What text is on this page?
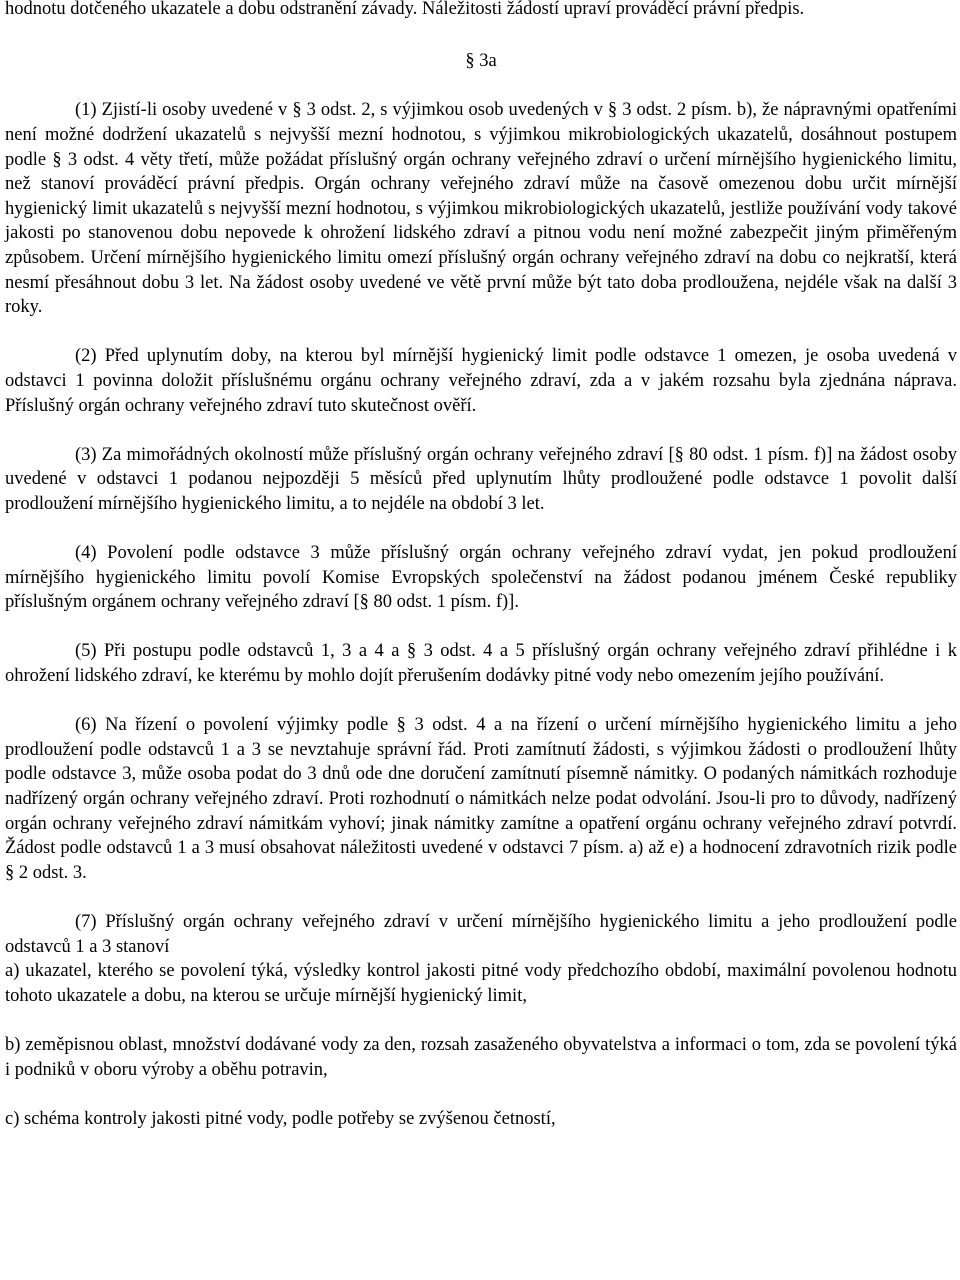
hodnotu dotčeného ukazatele a dobu odstranění závady. Náležitosti žádostí upraví prováděcí právní předpis.

§ 3a

(1) Zjistí-li osoby uvedené v § 3 odst. 2, s výjimkou osob uvedených v § 3 odst. 2 písm. b), že nápravnými opatřeními není možné dodržení ukazatelů s nejvyšší mezní hodnotou, s výjimkou mikrobiologických ukazatelů, dosáhnout postupem podle § 3 odst. 4 věty třetí, může požádat příslušný orgán ochrany veřejného zdraví o určení mírnějšího hygienického limitu, než stanoví prováděcí právní předpis. Orgán ochrany veřejného zdraví může na časově omezenou dobu určit mírnější hygienický limit ukazatelů s nejvyšší mezní hodnotou, s výjimkou mikrobiologických ukazatelů, jestliže používání vody takové jakosti po stanovenou dobu nepovede k ohrožení lidského zdraví a pitnou vodu není možné zabezpečit jiným přiměřeným způsobem. Určení mírnějšího hygienického limitu omezí příslušný orgán ochrany veřejného zdraví na dobu co nejkratší, která nesmí přesáhnout dobu 3 let. Na žádost osoby uvedené ve větě první může být tato doba prodloužena, nejdéle však na další 3 roky.

(2) Před uplynutím doby, na kterou byl mírnější hygienický limit podle odstavce 1 omezen, je osoba uvedená v odstavci 1 povinna doložit příslušnému orgánu ochrany veřejného zdraví, zda a v jakém rozsahu byla zjednána náprava. Příslušný orgán ochrany veřejného zdraví tuto skutečnost ověří.

(3) Za mimořádných okolností může příslušný orgán ochrany veřejného zdraví [§ 80 odst. 1 písm. f)] na žádost osoby uvedené v odstavci 1 podanou nejpozději 5 měsíců před uplynutím lhůty prodloužené podle odstavce 1 povolit další prodloužení mírnějšího hygienického limitu, a to nejdéle na období 3 let.

(4) Povolení podle odstavce 3 může příslušný orgán ochrany veřejného zdraví vydat, jen pokud prodloužení mírnějšího hygienického limitu povolí Komise Evropských společenství na žádost podanou jménem České republiky příslušným orgánem ochrany veřejného zdraví [§ 80 odst. 1 písm. f)].

(5) Při postupu podle odstavců 1, 3 a 4 a § 3 odst. 4 a 5 příslušný orgán ochrany veřejného zdraví přihlédne i k ohrožení lidského zdraví, ke kterému by mohlo dojít přerušením dodávky pitné vody nebo omezením jejího používání.

(6) Na řízení o povolení výjimky podle § 3 odst. 4 a na řízení o určení mírnějšího hygienického limitu a jeho prodloužení podle odstavců 1 a 3 se nevztahuje správní řád. Proti zamítnutí žádosti, s výjimkou žádosti o prodloužení lhůty podle odstavce 3, může osoba podat do 3 dnů ode dne doručení zamítnutí písemně námitky. O podaných námitkách rozhoduje nadřízený orgán ochrany veřejného zdraví. Proti rozhodnutí o námitkách nelze podat odvolání. Jsou-li pro to důvody, nadřízený orgán ochrany veřejného zdraví námitkám vyhoví; jinak námitky zamítne a opatření orgánu ochrany veřejného zdraví potvrdí. Žádost podle odstavců 1 a 3 musí obsahovat náležitosti uvedené v odstavci 7 písm. a) až e) a hodnocení zdravotních rizik podle § 2 odst. 3.

(7) Příslušný orgán ochrany veřejného zdraví v určení mírnějšího hygienického limitu a jeho prodloužení podle odstavců 1 a 3 stanoví

a) ukazatel, kterého se povolení týká, výsledky kontrol jakosti pitné vody předchozího období, maximální povolenou hodnotu tohoto ukazatele a dobu, na kterou se určuje mírnější hygienický limit,

b) zeměpisnou oblast, množství dodávané vody za den, rozsah zasaženého obyvatelstva a informaci o tom, zda se povolení týká i podniků v oboru výroby a oběhu potravin,

c) schéma kontroly jakosti pitné vody, podle potřeby se zvýšenou četností,
